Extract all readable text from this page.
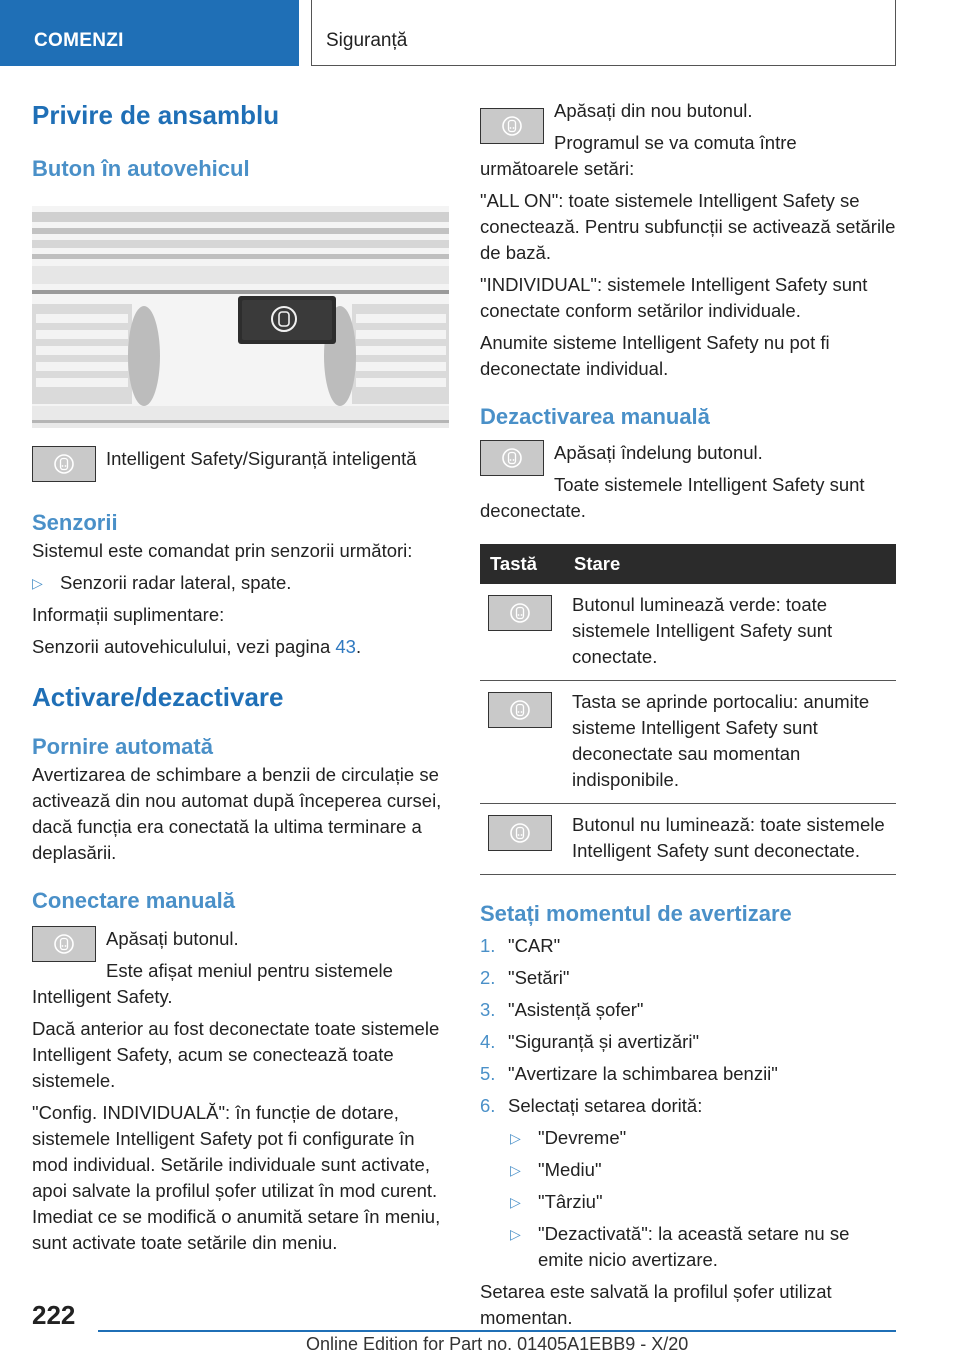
COMENZI	Siguranță
Privire de ansamblu
Buton în autovehicul

Intelligent Safety/Siguranță inteligentă

Senzorii

Sistemul este comandat prin senzorii următori:

▷ Senzorii radar lateral, spate.

Informații suplimentare:

Senzorii autovehiculului, vezi pagina 43.

Activare/dezactivare
Pornire automată

Avertizarea de schimbare a benzii de circulație se activează din nou automat după începerea cursei, dacă funcția era conectată la ultima terminare a deplasării.

Conectare manuală

Apăsați butonul.

Este afișat meniul pentru sistemele Intelligent Safety.

Dacă anterior au fost deconectate toate sistemele Intelligent Safety, acum se conectează toate sistemele.

"Config. INDIVIDUALĂ": în funcție de dotare, sistemele Intelligent Safety pot fi configurate în mod individual. Setările individuale sunt activate, apoi salvate la profilul șofer utilizat în mod curent. Imediat ce se modifică o anumită setare în meniu, sunt activate toate setările din meniu.

Apăsați din nou butonul.

Programul se va comuta între următoarele setări:

"ALL ON": toate sistemele Intelligent Safety se conectează. Pentru subfuncții se activează setările de bază.

"INDIVIDUAL": sistemele Intelligent Safety sunt conectate conform setărilor individuale.

Anumite sisteme Intelligent Safety nu pot fi deconectate individual.

Dezactivarea manuală

Apăsați îndelung butonul.

Toate sistemele Intelligent Safety sunt deconectate.

Tastă	Stare

	Butonul luminează verde: toate sistemele Intelligent Safety sunt conectate.

	Tasta se aprinde portocaliu: anumite sisteme Intelligent Safety sunt deconectate sau momentan indisponibile.

	Butonul nu luminează: toate sistemele Intelligent Safety sunt deconectate.
Setați momentul de avertizare
1. "CAR"
2. "Setări"
3. "Asistență șofer"
4. "Siguranță și avertizări"
5. "Avertizare la schimbarea benzii"
6. Selectați setarea dorită:
▷ "Devreme"
▷ "Mediu"
▷ "Târziu"
▷ "Dezactivată": la această setare nu se emite nicio avertizare.

Setarea este salvată la profilul șofer utilizat momentan.

222
Online Edition for Part no. 01405A1EBB9 - X/20
